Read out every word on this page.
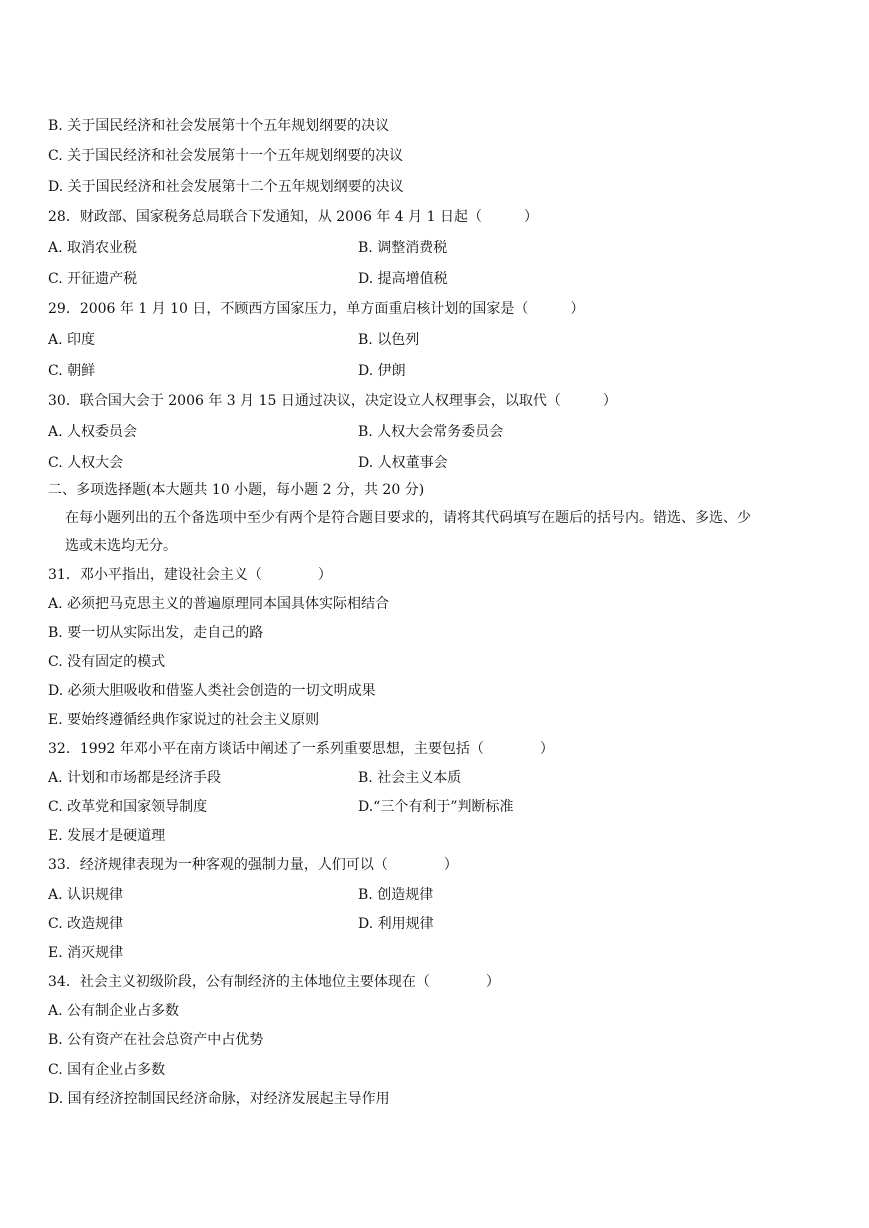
B. 关于国民经济和社会发展第十个五年规划纲要的决议
C. 关于国民经济和社会发展第十一个五年规划纲要的决议
D. 关于国民经济和社会发展第十二个五年规划纲要的决议
28．财政部、国家税务总局联合下发通知，从 2006 年 4 月 1 日起（　　　）
A. 取消农业税	B. 调整消费税
C. 开征遗产税	D. 提高增值税
29．2006 年 1 月 10 日，不顾西方国家压力，单方面重启核计划的国家是（　　　）
A. 印度	B. 以色列
C. 朝鲜	D. 伊朗
30．联合国大会于 2006 年 3 月 15 日通过决议，决定设立人权理事会，以取代（　　　）
A. 人权委员会	B. 人权大会常务委员会
C. 人权大会	D. 人权董事会
二、多项选择题(本大题共 10 小题，每小题 2 分，共 20 分)
在每小题列出的五个备选项中至少有两个是符合题目要求的，请将其代码填写在题后的括号内。错选、多选、少
选或未选均无分。
31．邓小平指出，建设社会主义（　　　　）
A. 必须把马克思主义的普遍原理同本国具体实际相结合
B. 要一切从实际出发，走自己的路
C. 没有固定的模式
D. 必须大胆吸收和借鉴人类社会创造的一切文明成果
E. 要始终遵循经典作家说过的社会主义原则
32．1992 年邓小平在南方谈话中阐述了一系列重要思想，主要包括（　　　　）
A. 计划和市场都是经济手段	B. 社会主义本质
C. 改革党和国家领导制度	D.“三个有利于”判断标准
E. 发展才是硬道理
33．经济规律表现为一种客观的强制力量，人们可以（　　　　）
A. 认识规律	B. 创造规律
C. 改造规律	D. 利用规律
E. 消灭规律
34．社会主义初级阶段，公有制经济的主体地位主要体现在（　　　　）
A. 公有制企业占多数
B. 公有资产在社会总资产中占优势
C. 国有企业占多数
D. 国有经济控制国民经济命脉，对经济发展起主导作用
